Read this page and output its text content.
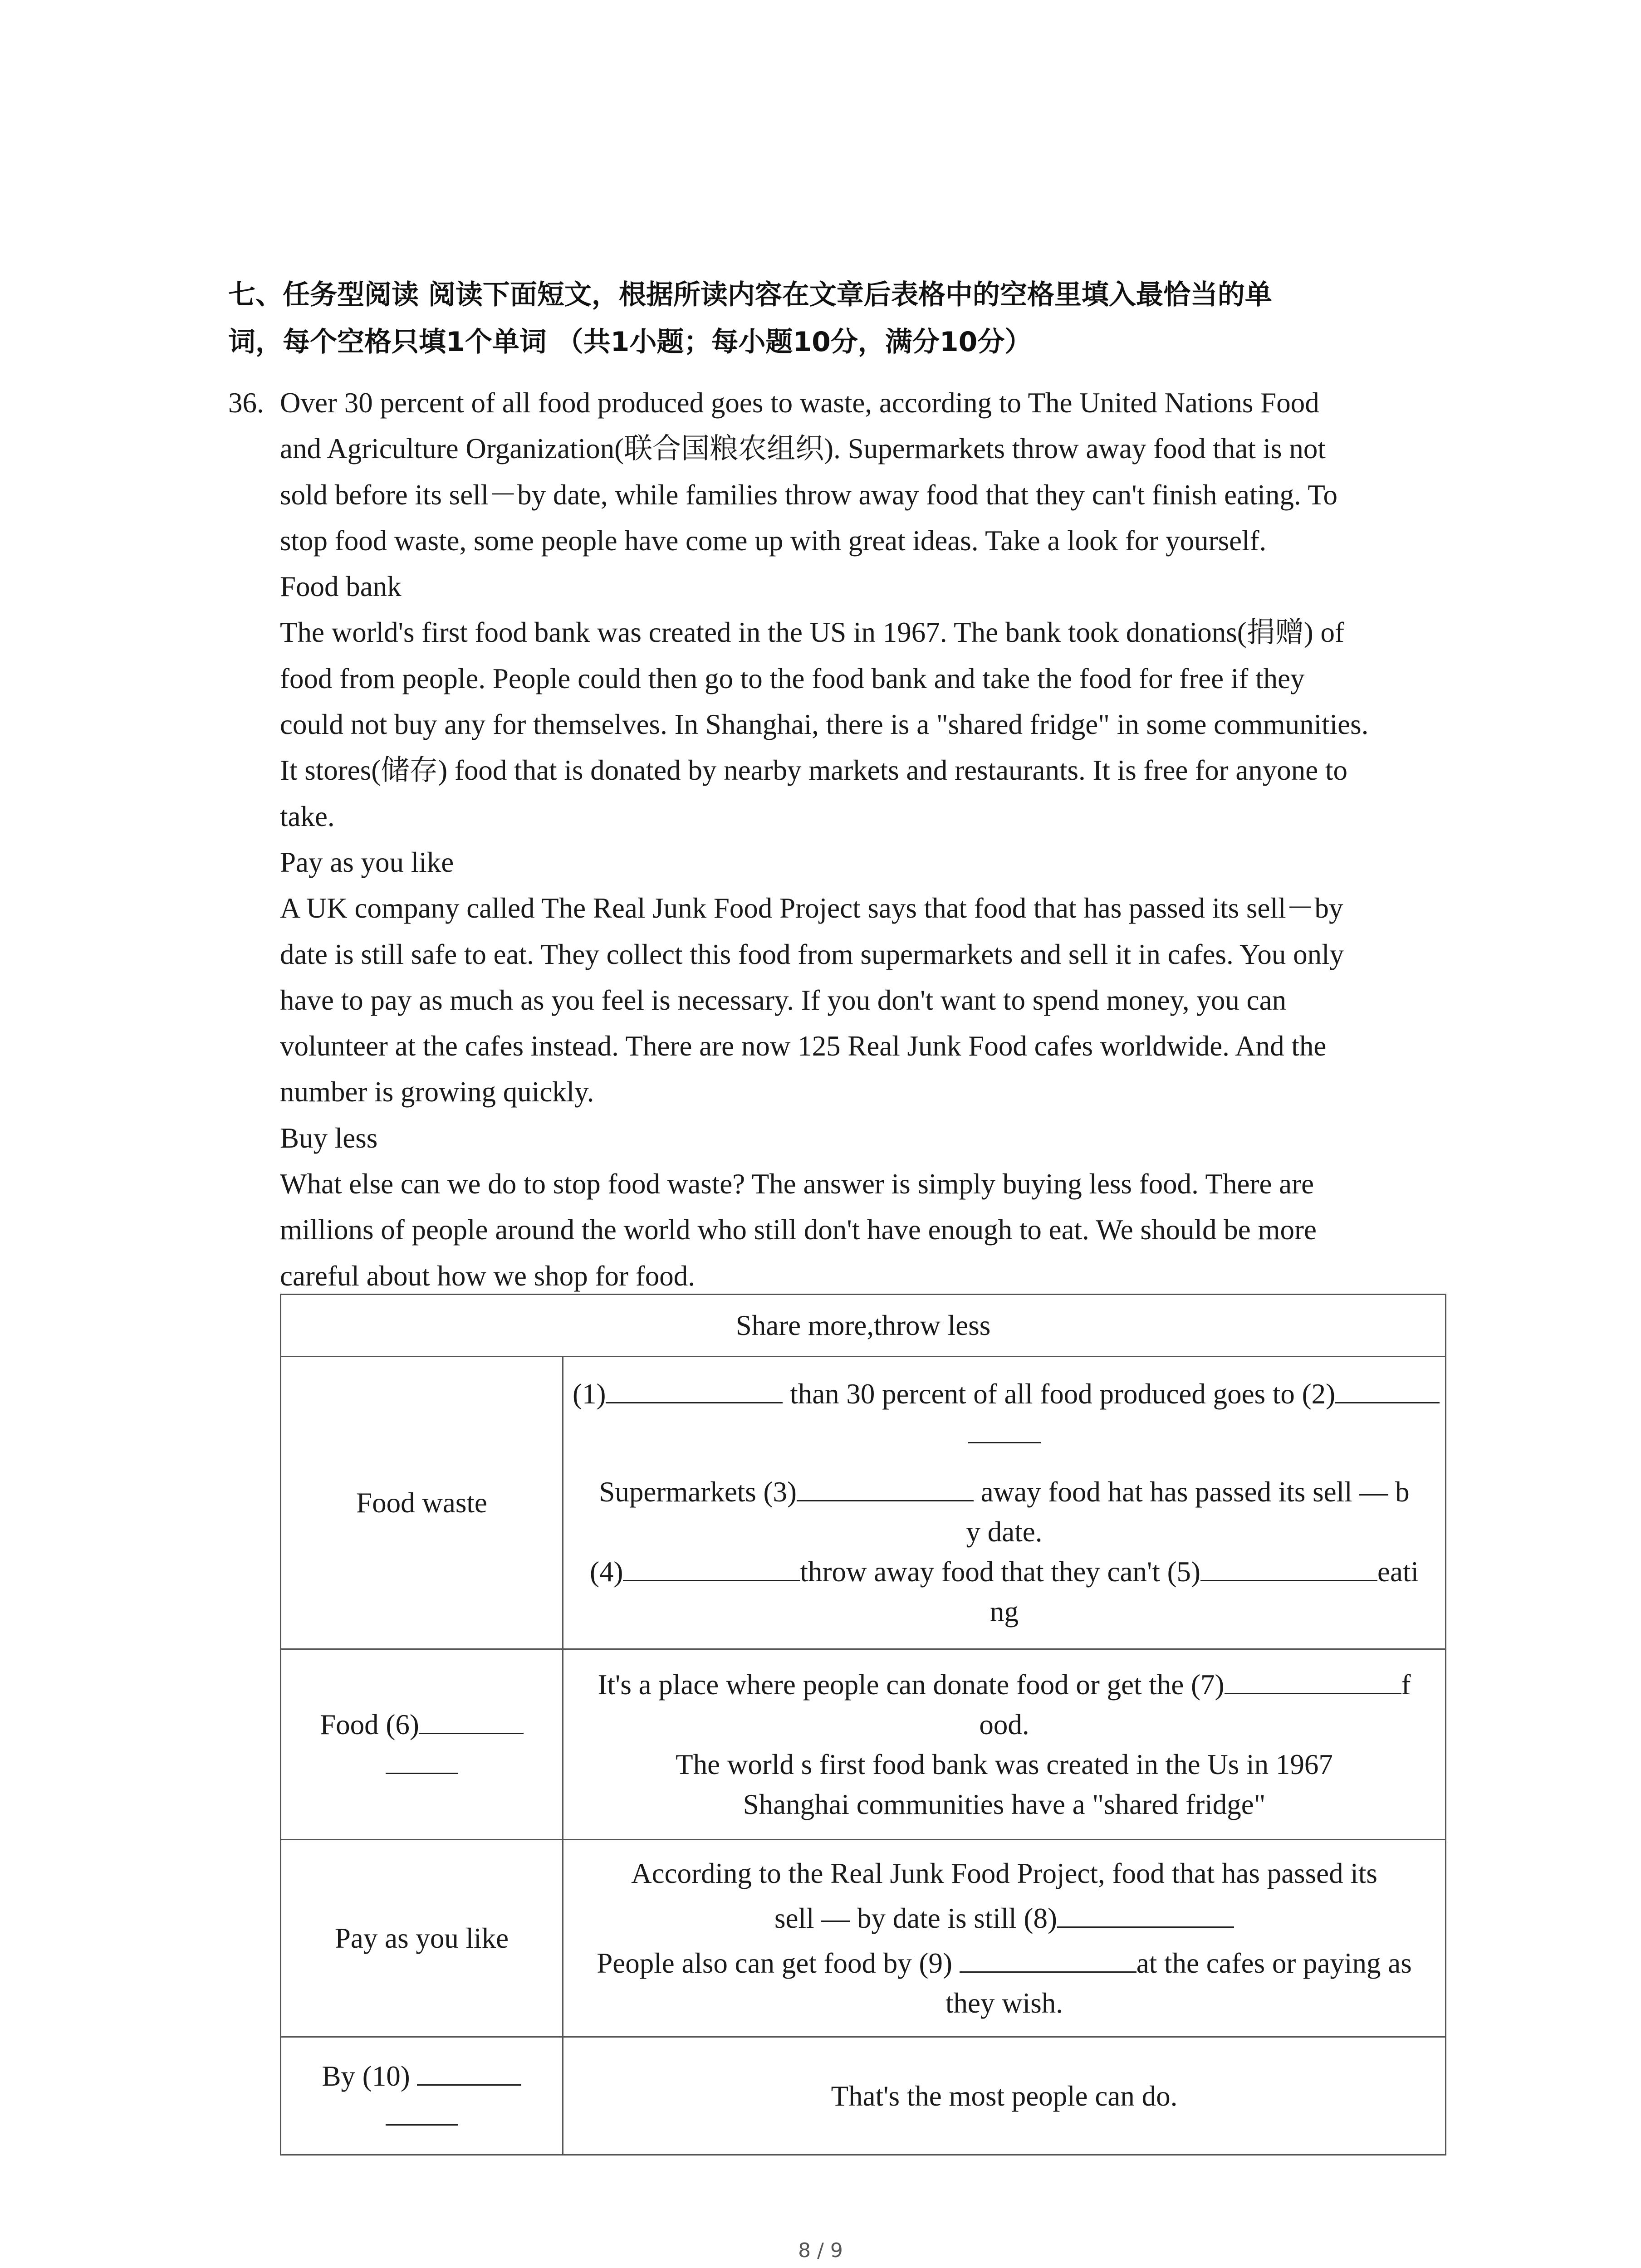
七、任务型阅读 阅读下面短文，根据所读内容在文章后表格中的空格里填入最恰当的单
词，每个空格只填1个单词 （共1小题；每小题10分，满分10分）
36. Over 30 percent of all food produced goes to waste, according to The United Nations Food
and Agriculture Organization(联合国粮农组织). Supermarkets throw away food that is not
sold before its sell－by date, while families throw away food that they can't finish eating. To
stop food waste, some people have come up with great ideas. Take a look for yourself.
Food bank
The world's first food bank was created in the US in 1967. The bank took donations(捐赠) of
food from people. People could then go to the food bank and take the food for free if they
could not buy any for themselves. In Shanghai, there is a "shared fridge" in some communities.
It stores(储存) food that is donated by nearby markets and restaurants. It is free for anyone to
take.
Pay as you like
A UK company called The Real Junk Food Project says that food that has passed its sell－by
date is still safe to eat. They collect this food from supermarkets and sell it in cafes. You only
have to pay as much as you feel is necessary. If you don't want to spend money, you can
volunteer at the cafes instead. There are now 125 Real Junk Food cafes worldwide. And the
number is growing quickly.
Buy less
What else can we do to stop food waste? The answer is simply buying less food. There are
millions of people around the world who still don't have enough to eat. We should be more
careful about how we shop for food.
Share more,throw less	
Food waste	(1) than 30 percent of all food produced goes to (2)
Supermarkets (3) away food hat has passed its sell — b
y date.
(4) throw away food that they can't (5) eati
ng

Food (6)	It's a place where people can donate food or get the (7) f
ood.
The world s first food bank was created in the Us in 1967
Shanghai communities have a "shared fridge"

Pay as you like	According to the Real Junk Food Project, food that has passed its
sell — by date is still (8)
People also can get food by (9) at the cafes or paying as
they wish.

By (10)	That's the most people can do.
8 / 9
